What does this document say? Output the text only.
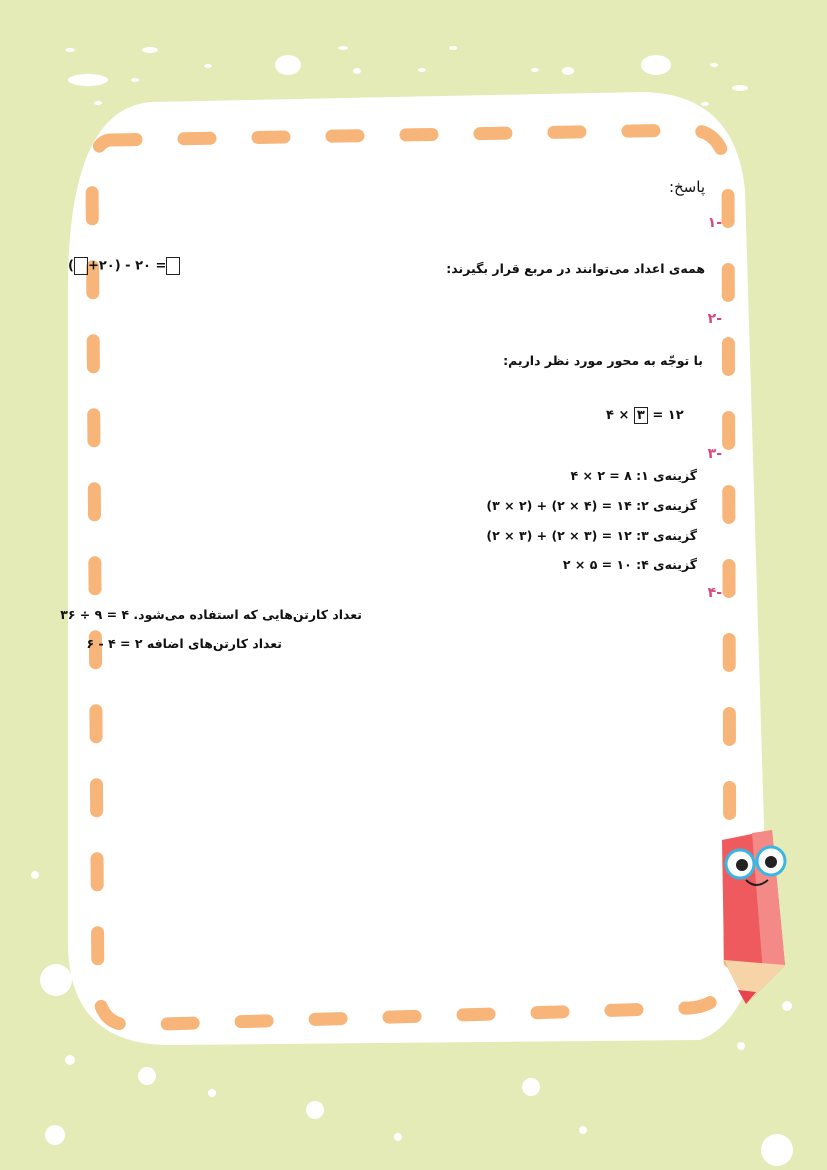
پاسخ:
-۱
همه‌ی اعداد می‌توانند در مربع قرار بگیرند:
( +۲۰) - ۲۰ =
-۲
با توجّه به محور مورد نظر داریم:
۴ × ۳ = ۱۲
-۳
گزینه‌ی ۱: ۴ × ۲ = ۸
گزینه‌ی ۲: (۳ × ۲) + (۲ × ۴) = ۱۴
گزینه‌ی ۳: (۲ × ۳) + (۲ × ۳) = ۱۲
گزینه‌ی ۴: ۲ × ۵ = ۱۰
-۴
تعداد کارتن‌هایی که استفاده می‌شود. ۳۶ ÷ ۹ = ۴
تعداد کارتن‌های اضافه ۶ - ۴ = ۲
